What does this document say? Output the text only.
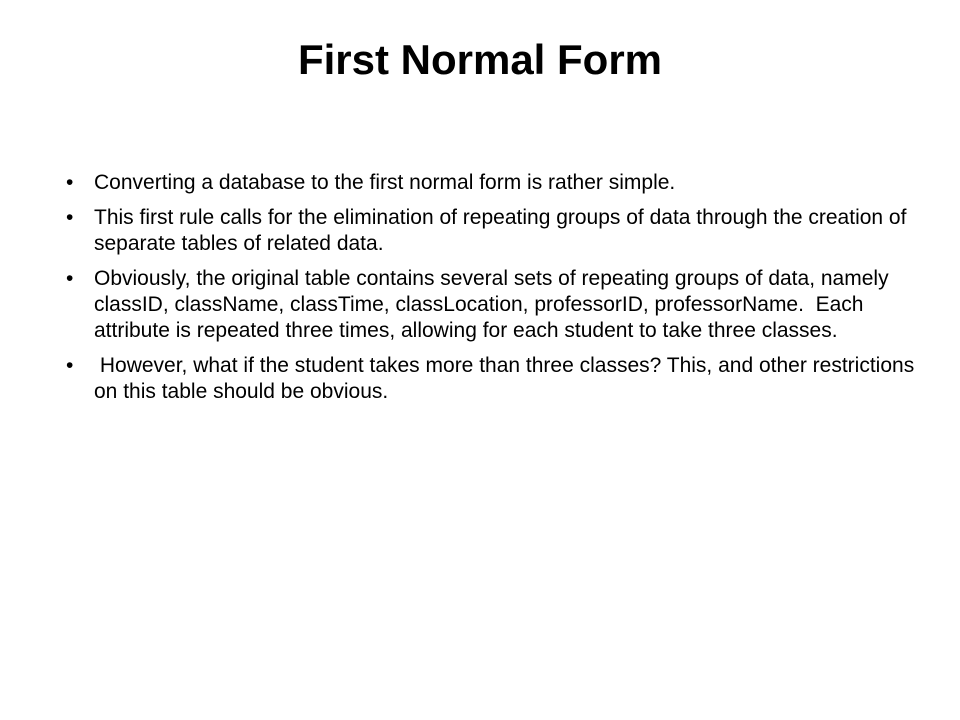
First Normal Form
• Converting a database to the first normal form is rather simple.
• This first rule calls for the elimination of repeating groups of data through the creation of separate tables of related data.
• Obviously, the original table contains several sets of repeating groups of data, namely classID, className, classTime, classLocation, professorID, professorName.  Each attribute is repeated three times, allowing for each student to take three classes.
• However, what if the student takes more than three classes? This, and other restrictions on this table should be obvious.
